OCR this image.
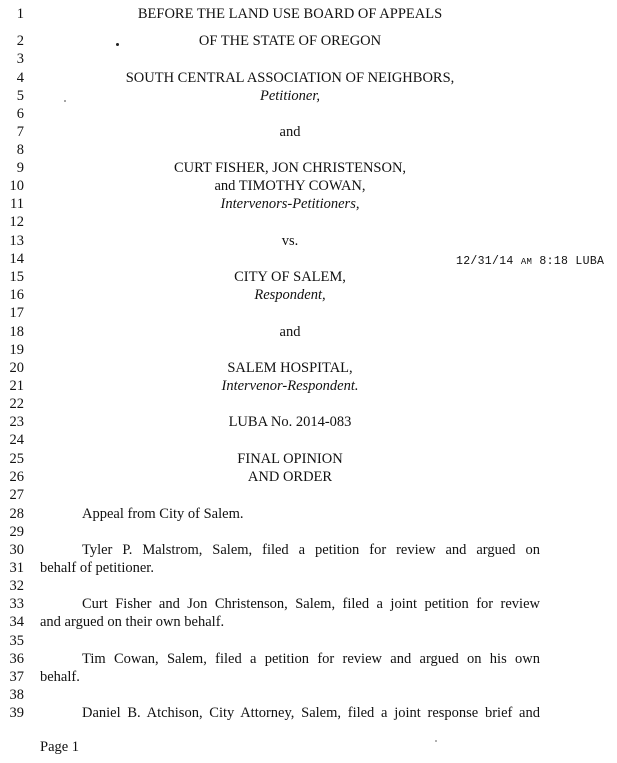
1
2
3
4
5
6
7
8
9
10
11
12
13
14
15
16
17
18
19
20
21
22
23
24
25
26
27
28
29
30
31
32
33
34
35
36
37
38
39
BEFORE THE LAND USE BOARD OF APPEALS
OF THE STATE OF OREGON
SOUTH CENTRAL ASSOCIATION OF NEIGHBORS,
Petitioner,
and
CURT FISHER, JON CHRISTENSON,
and TIMOTHY COWAN,
Intervenors-Petitioners,
vs.
12/31/14 AM 8:18 LUBA
CITY OF SALEM,
Respondent,
and
SALEM HOSPITAL,
Intervenor-Respondent.
LUBA No. 2014-083
FINAL OPINION
AND ORDER
Appeal from City of Salem.
Tyler P. Malstrom, Salem, filed a petition for review and argued on
behalf of petitioner.
Curt Fisher and Jon Christenson, Salem, filed a joint petition for review
and argued on their own behalf.
Tim Cowan, Salem, filed a petition for review and argued on his own
behalf.
Daniel B. Atchison, City Attorney, Salem, filed a joint response brief and
Page 1
